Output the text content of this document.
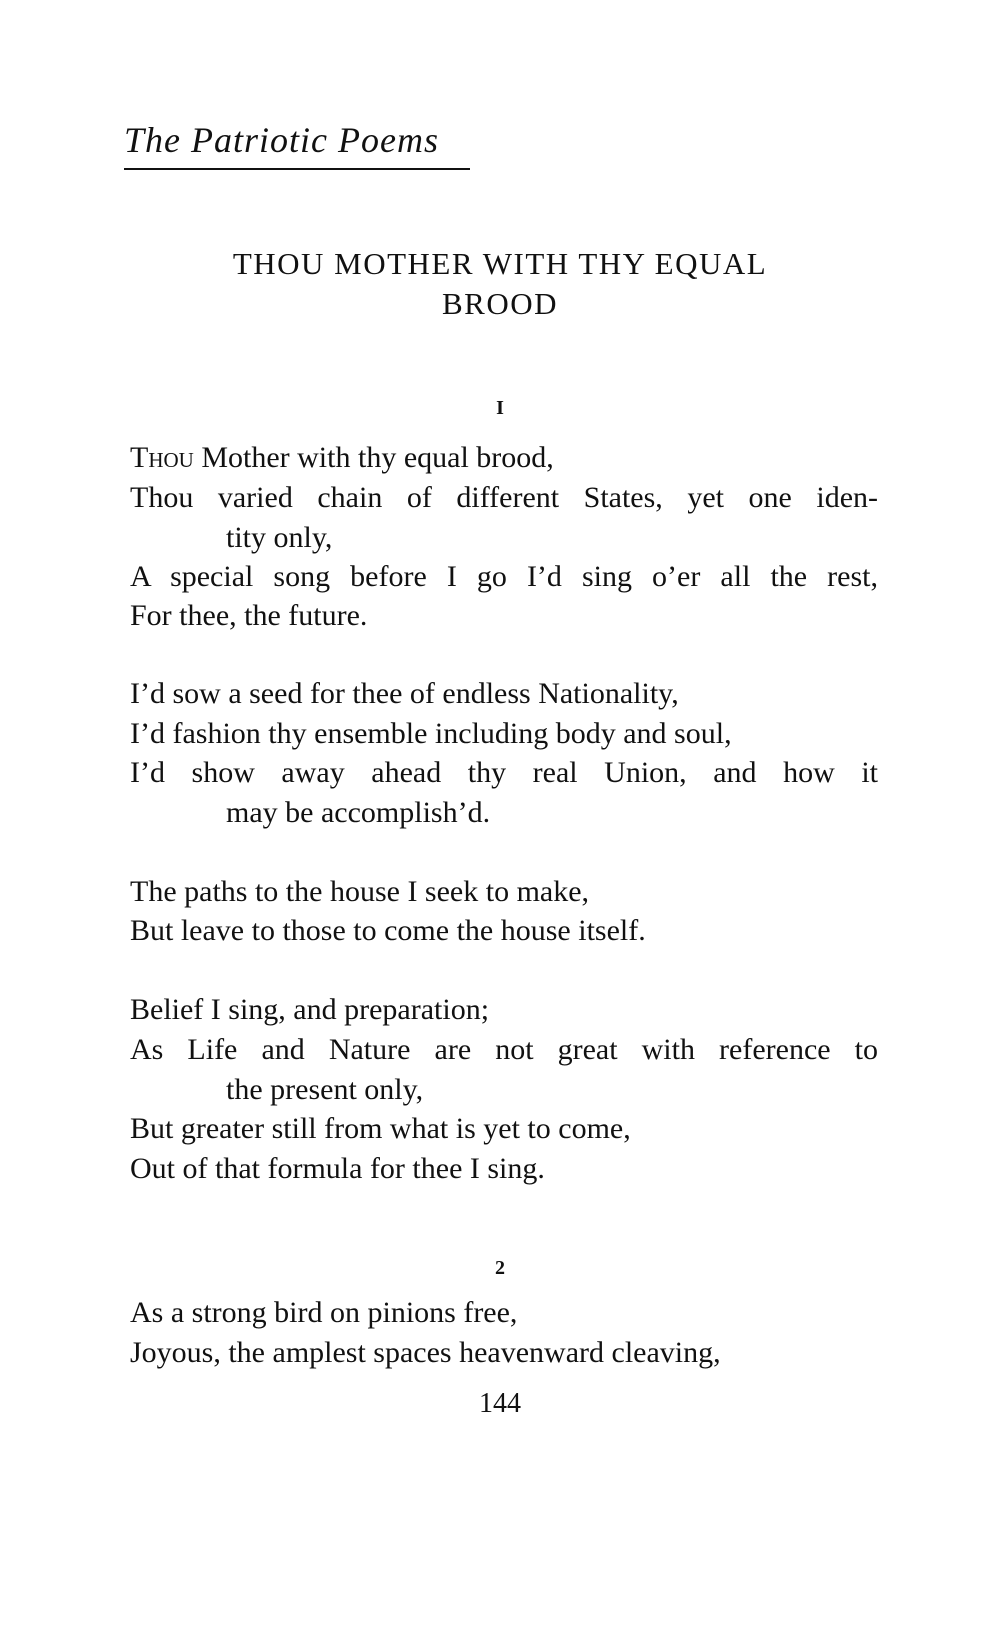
The Patriotic Poems
THOU MOTHER WITH THY EQUAL
BROOD
I
Thou Mother with thy equal brood,
Thou varied chain of different States, yet one iden-
tity only,
A special song before I go I’d sing o’er all the rest,
For thee, the future.
I’d sow a seed for thee of endless Nationality,
I’d fashion thy ensemble including body and soul,
I’d show away ahead thy real Union, and how it
may be accomplish’d.
The paths to the house I seek to make,
But leave to those to come the house itself.
Belief I sing, and preparation;
As Life and Nature are not great with reference to
the present only,
But greater still from what is yet to come,
Out of that formula for thee I sing.
2
As a strong bird on pinions free,
Joyous, the amplest spaces heavenward cleaving,
144
